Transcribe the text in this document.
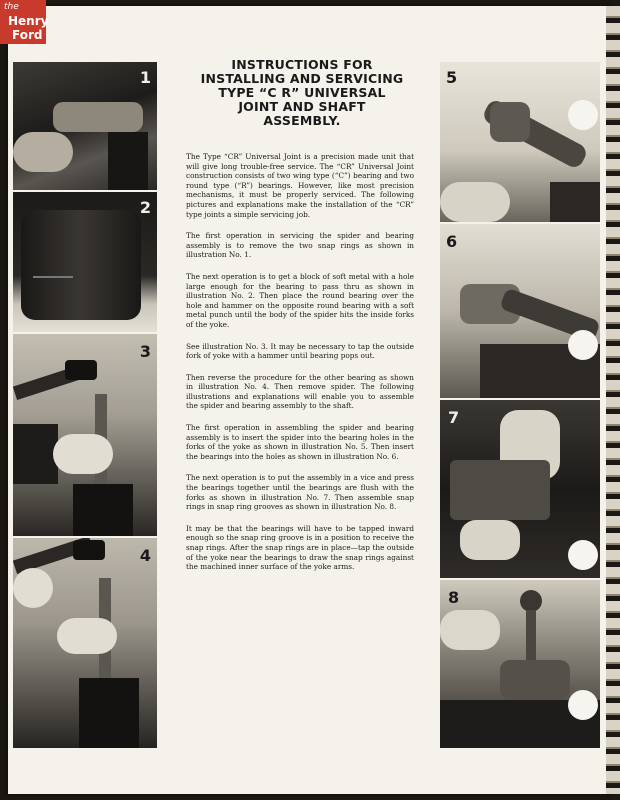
the
Henry
Ford
1
2
3
4
INSTRUCTIONS FOR
INSTALLING AND SERVICING
TYPE “C R” UNIVERSAL
JOINT AND SHAFT
ASSEMBLY.

The Type “CR” Universal Joint is a precision made unit that will give long trouble-free service. The “CR” Universal Joint construction consists of two wing type (“C”) bearing and two round type (“R”) bearings. However, like most precision mechanisms, it must be properly serviced. The following pictures and explanations make the installation of the “CR” type joints a simple servicing job.

The first operation in servicing the spider and bearing assembly is to remove the two snap rings as shown in illustration No. 1.

The next operation is to get a block of soft metal with a hole large enough for the bearing to pass thru as shown in illustration No. 2. Then place the round bearing over the hole and hammer on the opposite round bearing with a soft metal punch until the body of the spider hits the inside forks of the yoke.

See illustration No. 3. It may be necessary to tap the outside fork of yoke with a hammer until bearing pops out.

Then reverse the procedure for the other bearing as shown in illustration No. 4. Then remove spider. The following illustrations and explanations will enable you to assemble the spider and bearing assembly to the shaft.

The first operation in assembling the spider and bearing assembly is to insert the spider into the bearing holes in the forks of the yoke as shown in illustration No. 5. Then insert the bearings into the holes as shown in illustration No. 6.

The next operation is to put the assembly in a vice and press the bearings together until the bearings are flush with the forks as shown in illustration No. 7. Then assemble snap rings in snap ring grooves as shown in illustration No. 8.

It may be that the bearings will have to be tapped inward enough so the snap ring groove is in a position to receive the snap rings. After the snap rings are in place—tap the outside of the yoke near the bearings to draw the snap rings against the machined inner surface of the yoke arms.

5
6
7
8
